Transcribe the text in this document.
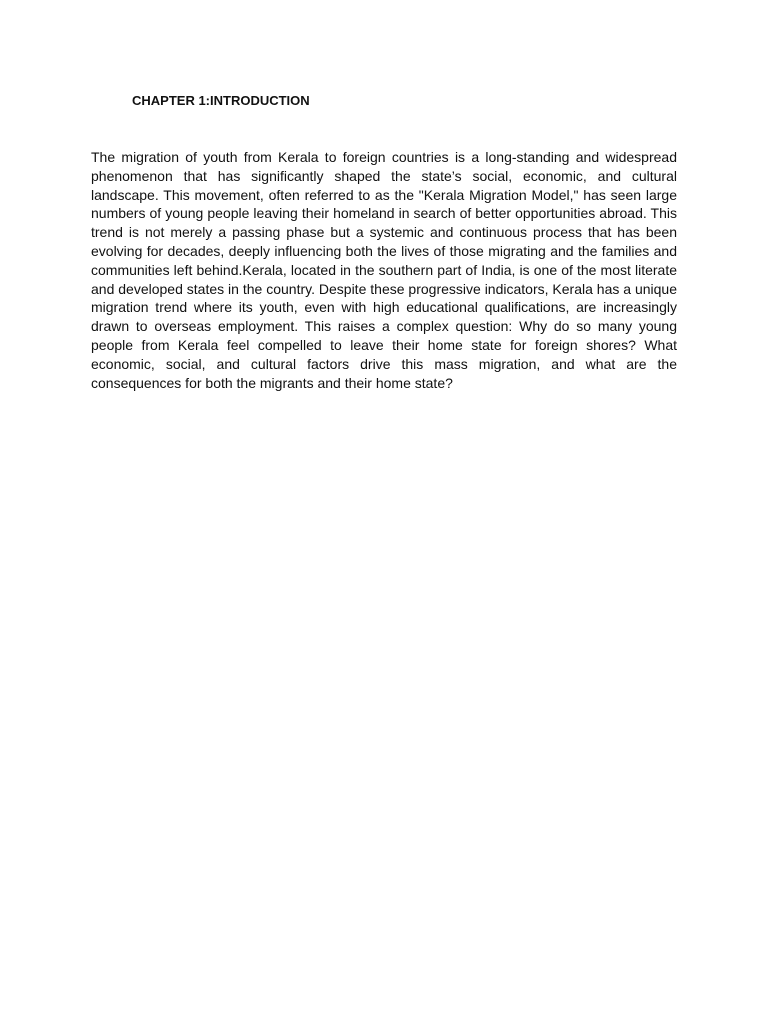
CHAPTER 1:INTRODUCTION

The migration of youth from Kerala to foreign countries is a long-standing and widespread phenomenon that has significantly shaped the state’s social, economic, and cultural landscape. This movement, often referred to as the "Kerala Migration Model," has seen large numbers of young people leaving their homeland in search of better opportunities abroad. This trend is not merely a passing phase but a systemic and continuous process that has been evolving for decades, deeply influencing both the lives of those migrating and the families and communities left behind.Kerala, located in the southern part of India, is one of the most literate and developed states in the country. Despite these progressive indicators, Kerala has a unique migration trend where its youth, even with high educational qualifications, are increasingly drawn to overseas employment. This raises a complex question: Why do so many young people from Kerala feel compelled to leave their home state for foreign shores? What economic, social, and cultural factors drive this mass migration, and what are the consequences for both the migrants and their home state?
